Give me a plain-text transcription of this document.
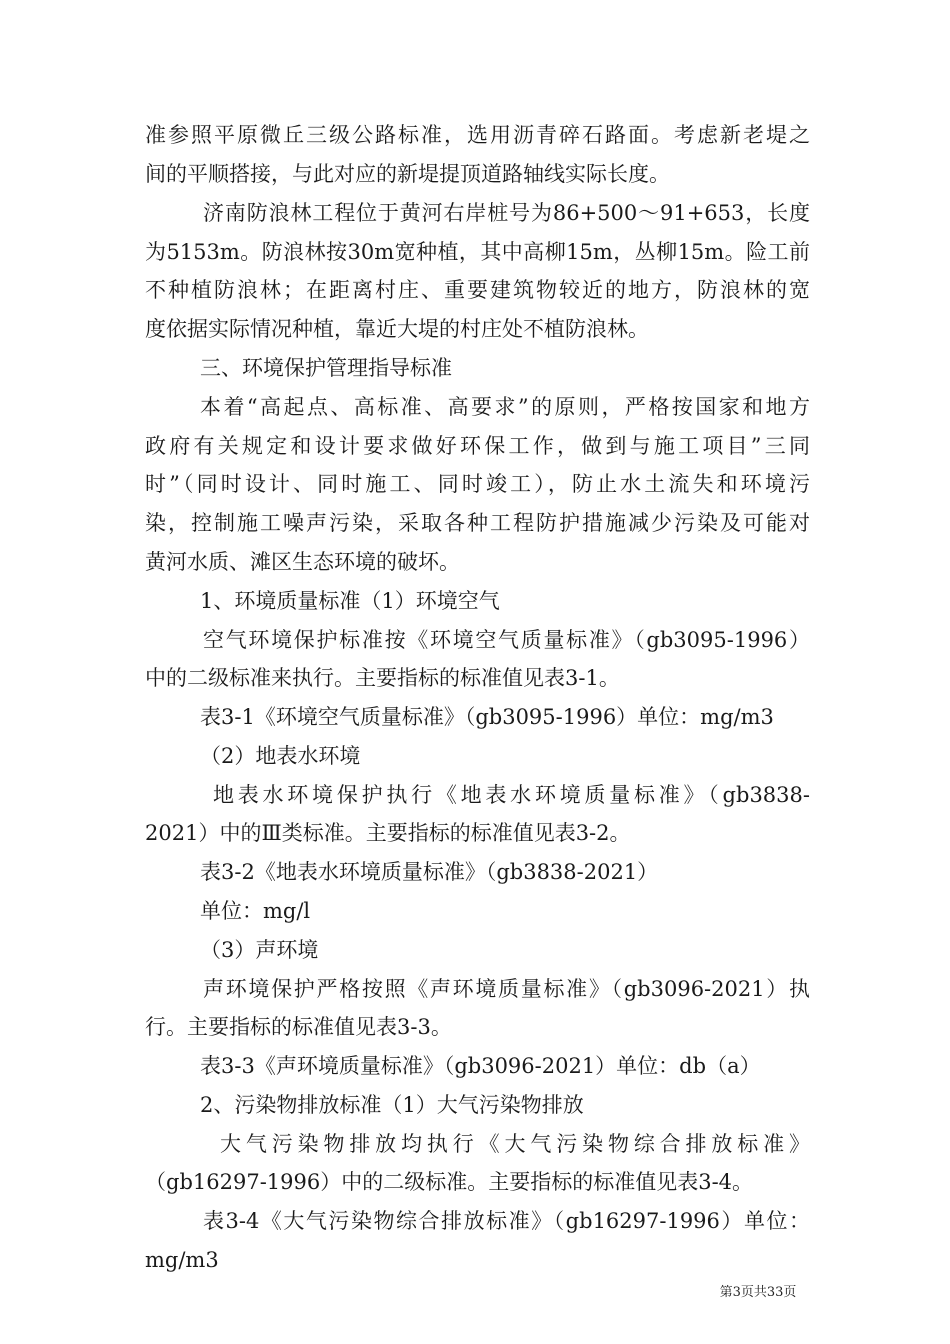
准参照平原微丘三级公路标准，选用沥青碎石路面。考虑新老堤之
间的平顺搭接，与此对应的新堤提顶道路轴线实际长度。
济南防浪林工程位于黄河右岸桩号为86+500～91+653，长度
为5153m。防浪林按30m宽种植，其中高柳15m，丛柳15m。险工前
不种植防浪林；在距离村庄、重要建筑物较近的地方，防浪林的宽
度依据实际情况种植，靠近大堤的村庄处不植防浪林。
三、环境保护管理指导标准
本着“高起点、高标准、高要求”的原则，严格按国家和地方
政府有关规定和设计要求做好环保工作，做到与施工项目”三同
时”（同时设计、同时施工、同时竣工），防止水土流失和环境污
染，控制施工噪声污染，采取各种工程防护措施减少污染及可能对
黄河水质、滩区生态环境的破坏。
1、环境质量标准（1）环境空气
空气环境保护标准按《环境空气质量标准》（gb3095-1996）
中的二级标准来执行。主要指标的标准值见表3-1。
表3-1《环境空气质量标准》（gb3095-1996）单位：mg/m3
（2）地表水环境
地表水环境保护执行《地表水环境质量标准》（gb3838-
2021）中的Ⅲ类标准。主要指标的标准值见表3-2。
表3-2《地表水环境质量标准》（gb3838-2021）
单位：mg/l
（3）声环境
声环境保护严格按照《声环境质量标准》（gb3096-2021）执
行。主要指标的标准值见表3-3。
表3-3《声环境质量标准》（gb3096-2021）单位：db（a）
2、污染物排放标准（1）大气污染物排放
大气污染物排放均执行《大气污染物综合排放标准》
（gb16297-1996）中的二级标准。主要指标的标准值见表3-4。
表3-4《大气污染物综合排放标准》（gb16297-1996）单位：
mg/m3
第3页共33页
